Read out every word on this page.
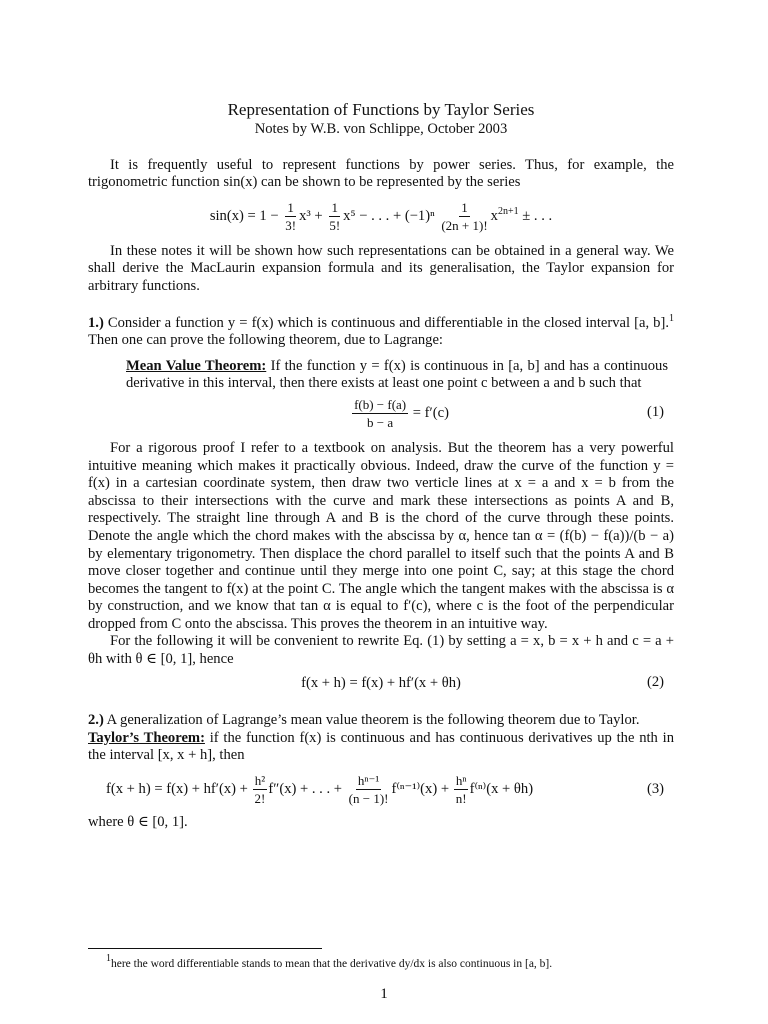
Representation of Functions by Taylor Series
Notes by W.B. von Schlippe, October 2003

It is frequently useful to represent functions by power series. Thus, for example, the trigonometric function sin(x) can be shown to be represented by the series

$\sin(x) = 1 - \frac{1}{3!} x^3 + \frac{1}{5!} x^5$ − . . . + $(-1)^n \frac{1}{(2n + 1)!} x^{2n+1}$ ± . . .

In these notes it will be shown how such representations can be obtained in a general way. We shall derive the MacLaurin expansion formula and its generalisation, the Taylor expansion for arbitrary functions.

1.) Consider a function y = f(x) which is continuous and differentiable in the closed interval [a, b].$^1$ Then one can prove the following theorem, due to Lagrange:

Mean Value Theorem: If the function y = f(x) is continuous in [a, b] and has a continuous derivative in this interval, then there exists at least one point c between a and b such that

$\frac{f(b) - f(a)}{b - a} = f'(c)$	(1)

For a rigorous proof I refer to a textbook on analysis. But the theorem has a very powerful intuitive meaning which makes it practically obvious. Indeed, draw the curve of the function y = f(x) in a cartesian coordinate system, then draw two verticle lines at x = a and x = b from the abscissa to their intersections with the curve and mark these intersections as points A and B, respectively. The straight line through A and B is the chord of the curve through these points. Denote the angle which the chord makes with the abscissa by α, hence tan α = (f(b) − f(a))/(b − a) by elementary trigonometry. Then displace the chord parallel to itself such that the points A and B move closer together and continue until they merge into one point C, say; at this stage the chord becomes the tangent to f(x) at the point C. The angle which the tangent makes with the abscissa is α by construction, and we know that tan α is equal to f′(c), where c is the foot of the perpendicular dropped from C onto the abscissa. This proves the theorem in an intuitive way.

For the following it will be convenient to rewrite Eq. (1) by setting a = x, b = x + h and c = a + θh with θ ∈ [0, 1], hence

f(x + h) = f(x) + hf′(x + θh)	(2)

2.) A generalization of Lagrange’s mean value theorem is the following theorem due to Taylor.

Taylor’s Theorem: if the function f(x) is continuous and has continuous derivatives up the nth in the interval [x, x + h], then

$f(x + h) = f(x) + hf'(x) + \frac{\text{h²}}{2!} f''(x)$ + . . . + $\frac{\text{hⁿ⁻¹}}{(n - 1)!} f^{(n-1)}(x) + \frac{\text{hⁿ}}{n!} f^{(n)}(x + \theta h)$	(3)

where θ ∈ [0, 1].

1here the word differentiable stands to mean that the derivative dy/dx is also continuous in [a, b].
1
